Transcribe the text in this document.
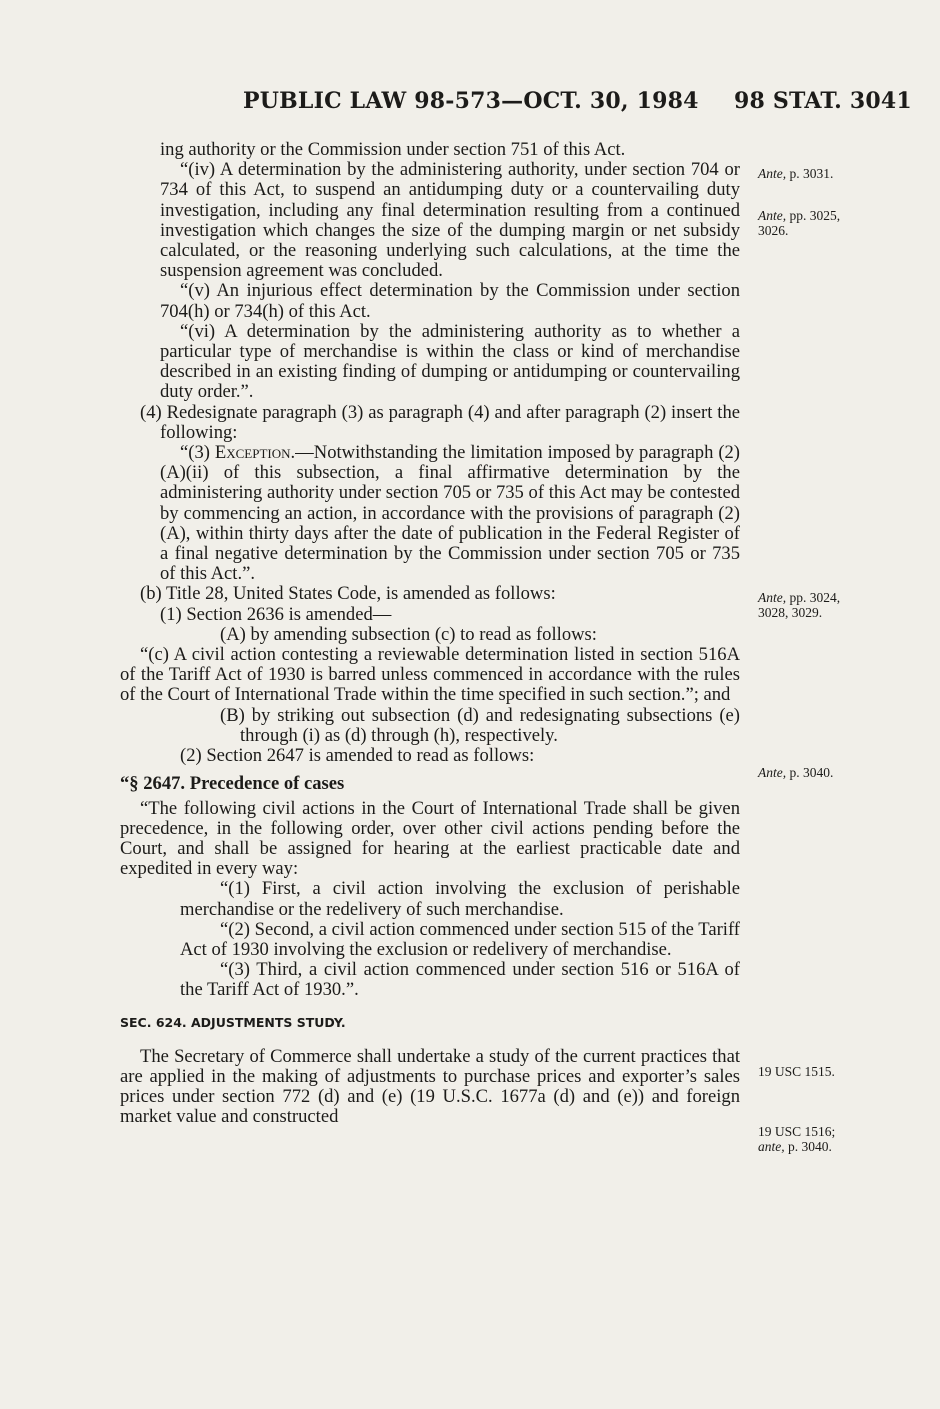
PUBLIC LAW 98-573—OCT. 30, 1984 98 STAT. 3041

ing authority or the Commission under section 751 of this Act.

“(iv) A determination by the administering authority, under section 704 or 734 of this Act, to suspend an antidumping duty or a countervailing duty investigation, including any final determination resulting from a continued investigation which changes the size of the dumping margin or net subsidy calculated, or the reasoning underlying such calculations, at the time the suspension agreement was concluded.

“(v) An injurious effect determination by the Commission under section 704(h) or 734(h) of this Act.

“(vi) A determination by the administering authority as to whether a particular type of merchandise is within the class or kind of merchandise described in an existing finding of dumping or antidumping or countervailing duty order.”.

(4) Redesignate paragraph (3) as paragraph (4) and after paragraph (2) insert the following:

“(3) Exception.—Notwithstanding the limitation imposed by paragraph (2)(A)(ii) of this subsection, a final affirmative determination by the administering authority under section 705 or 735 of this Act may be contested by commencing an action, in accordance with the provisions of paragraph (2)(A), within thirty days after the date of publication in the Federal Register of a final negative determination by the Commission under section 705 or 735 of this Act.”.

(b) Title 28, United States Code, is amended as follows:

(1) Section 2636 is amended—

(A) by amending subsection (c) to read as follows:

“(c) A civil action contesting a reviewable determination listed in section 516A of the Tariff Act of 1930 is barred unless commenced in accordance with the rules of the Court of International Trade within the time specified in such section.”; and

(B) by striking out subsection (d) and redesignating subsections (e) through (i) as (d) through (h), respectively.

(2) Section 2647 is amended to read as follows:

“§ 2647. Precedence of cases

“The following civil actions in the Court of International Trade shall be given precedence, in the following order, over other civil actions pending before the Court, and shall be assigned for hearing at the earliest practicable date and expedited in every way:

“(1) First, a civil action involving the exclusion of perishable merchandise or the redelivery of such merchandise.

“(2) Second, a civil action commenced under section 515 of the Tariff Act of 1930 involving the exclusion or redelivery of merchandise.

“(3) Third, a civil action commenced under section 516 or 516A of the Tariff Act of 1930.”.

SEC. 624. ADJUSTMENTS STUDY.

The Secretary of Commerce shall undertake a study of the current practices that are applied in the making of adjustments to purchase prices and exporter’s sales prices under section 772 (d) and (e) (19 U.S.C. 1677a (d) and (e)) and foreign market value and constructed

Ante, p. 3031.
Ante, pp. 3025, 3026.
Ante, pp. 3024, 3028, 3029.
Ante, p. 3040.
19 USC 1515.
19 USC 1516;
ante, p. 3040.
